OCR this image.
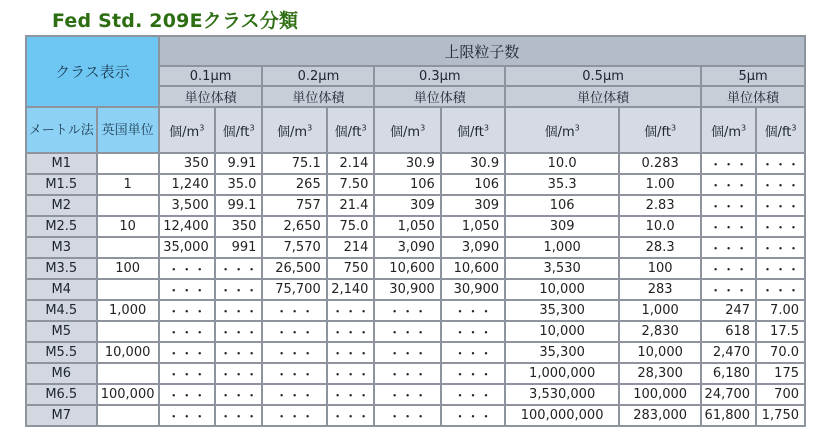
Fed Std. 209Eクラス分類
クラス表示		上限粒子数									
		0.1μm		0.2μm		0.3μm		0.5μm		5μm	
		単位体積		単位体積		単位体積		単位体積		単位体積	
メートル法	英国単位	個$/m^3$	個$/ft^3$	個$/m^3$	個$/ft^3$	個$/m^3$	個$/ft^3$	個$/m^3$	個$/ft^3$	個$/m^3$	個$/ft^3$
M1		350	9.91	75.1	2.14	30.9	30.9	10.0	0.283	・・・	・・・
M1.5	1	1,240	35.0	265	7.50	106	106	35.3	1.00	・・・	・・・
M2		3,500	99.1	757	21.4	309	309	106	2.83	・・・	・・・
M2.5	10	12,400	350	2,650	75.0	1,050	1,050	309	10.0	・・・	・・・
M3		35,000	991	7,570	214	3,090	3,090	1,000	28.3	・・・	・・・
M3.5	100	・・・	・・・	26,500	750	10,600	10,600	3,530	100	・・・	・・・
M4		・・・	・・・	75,700	2,140	30,900	30,900	10,000	283	・・・	・・・
M4.5	1,000	・・・	・・・	・・・	・・・	・・・	・・・	35,300	1,000	247	7.00
M5		・・・	・・・	・・・	・・・	・・・	・・・	10,000	2,830	618	17.5
M5.5	10,000	・・・	・・・	・・・	・・・	・・・	・・・	35,300	10,000	2,470	70.0
M6		・・・	・・・	・・・	・・・	・・・	・・・	1,000,000	28,300	6,180	175
M6.5	100,000	・・・	・・・	・・・	・・・	・・・	・・・	3,530,000	100,000	24,700	700
M7		・・・	・・・	・・・	・・・	・・・	・・・	100,000,000	283,000	61,800	1,750
